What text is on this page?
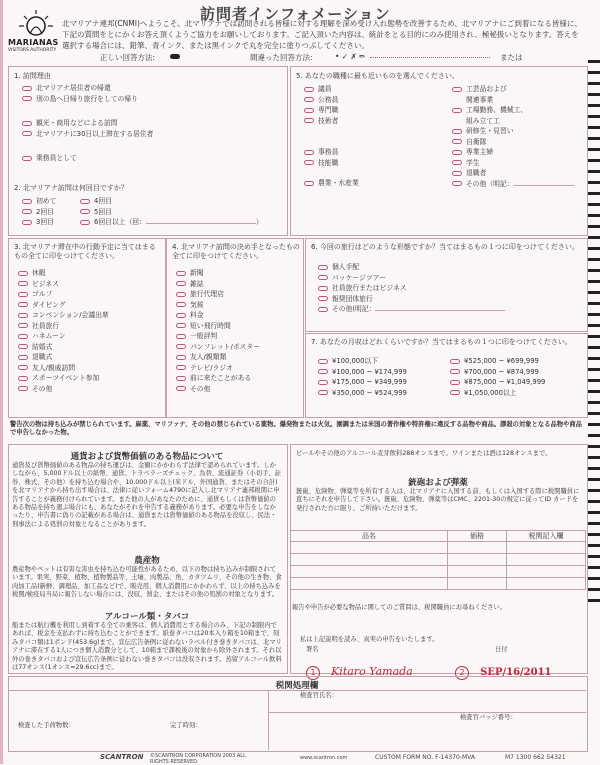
MARIANAS
VISITORS AUTHORITY
訪問者インフォメーション
北マリアナ連邦(CNMI)へようこそ。北マリアナでは訪問される皆様に対する理解を深め受け入れ態勢を改善するため、北マリアナにご到着になる皆様に、下記の質問をとにかくお答え頂くようご協力をお願いしております。ご記入頂いた内容は、統計をとる目的にのみ使用され、極秘扱いとなります。答えを選択する場合には、鉛筆、青インク、または黒インクで丸を完全に塗りつぶしてください。
正しい回答方法:	間違った回答方法:	• ✓ ✗ ✏	または
1. 訪問理由
北マリアナ居住者の帰還
別の島へ日帰り旅行をしての帰り
観光・商用などによる訪問
北マリアナに30日以上滞在する居住者
乗務員として
2. 北マリアナ訪問は何回目ですか？
初めて
2回目
3回目
4回目
5回目
6回目以上（回：	）
5. あなたの職種に最も近いものを選んでください。
議員
公務員
専門職
技術者
事務員
技能職
農業・水産業
工芸品および
関連事業
工場勤務、機械工、
組み立て工
研修生・見習い
自衛隊
専業主婦
学生
退職者
その他（明記：
3. 北マリアナ滞在中の行動予定に当てはまるもの全てに印をつけてください。
休暇
ビジネス
ゴルフ
ダイビング
コンベンション/会議出席
社員旅行
ハネムーン
結婚式
退職式
友人/親戚訪問
スポーツイベント参加
その他
4. 北マリアナ訪問の決め手となったもの全てに印をつけてください。
新聞
雑誌
旅行代理店
気候
料金
短い飛行時間
一般評判
パンフレット/ポスター
友人/親類類
テレビ/ラジオ
前に来たことがある
その他
6. 今回の旅行はどのような形態ですか？当てはまるもの１つに印をつけてください。
個人手配
パッケージツアー
社員旅行またはビジネス
報奨団体旅行
その他(明記：
7. あなたの月収はどれくらいですか？当てはまるもの１つに印をつけてください。
¥100,000以下
¥100,000 ~ ¥174,999
¥175,000 ~ ¥349,999
¥350,000 ~ ¥524,999
¥525,000 ~ ¥699,999
¥700,000 ~ ¥874,999
¥875,000 ~ ¥1,049,999
¥1,050,000以上
警告次の物は持ち込みが禁じられています。麻薬、マリファナ、その他の禁じられている薬物。爆発物または火気。園調または米国の著作権や特許権に違反する品物や商品。謬殺の対象となる品物や商品で申告しなかった物。
通貨および貨幣価値のある物品について
通貨及び貨幣価値のある物品の持ち運びは、金額にかかわらず法律で認められています。しかしながら、5,000ドル以上の紙幣、通貨、トラベラーズチェック、為替、流通証券（小切手、証券、株式、その他）を持ち込む場合や、10,000ドル以上(米ドル、外国通貨、またはその合計)を北マリアナから持ち出す場合は、法律に従いフォーム4790に記入し北マリアナ連邦税関に申告することが義務付けられています。また他の人があなたのために、通貨もしくは貨幣価値のある物品を持ち運ぶ場合にも、あなたがそれを申告する義務があります。必要な申告をしなかったり、申告書に偽りの記載がある場合は、通貨または貨幣価値のある物品を没収し、民法・刑事法による処罰の対象となることがあります。
農産物
農産物やペットは有害な害虫を持ち込む可能性があるため、以下の物は持ち込みが制限されています。果実、野菜、植物、植物製品等、土壌、肉製品、角、カタツムリ、その他の生き物、食肉加工品(新鮮、調理品、加工品など)で、販売用、個人消費用にかかわらず、以上の持ち込みを税関/検疫局当局に報告しない場合には、没収、罰金、またはその他の処罰の対象となります。
アルコール類・タバコ
船または航行機を利用し到着する全ての乗客は、個人消費用とする場合のみ、下記の制限内であれば、税金を支払わずに持ち込むことができます。紙巻タバコは20本入り箱を10箱まで、刻みタバコ類は1ポンド(453.6g)まで。宣伝広告条例に従わないラベル付き巻きタバコは、北マリアナに滞在する1人につき個人消費分として、10箱まで課税後の対象から除外されます。それ以外の巻きタバコおよび宣伝広告条例に従わない巻きタバコは没収されます。蒸留アルコール飲料は77オンス(1オンス=29.6cc)まで。
ビールやその他のアルコール麦芽飲料288オンスまで。ワインまたは酒は128オンスまで。
銃砲および弾薬
銃砲、危険物、弾薬等を所有する人は、北マリアナに入国する前、もしくは入国する際に税関職員に直ちにそれを申告して下さい。銃砲、危険物、弾薬等はCMC、2201-30の規定に従ってID カードを発行された方に限り、ご所持いただけます。
品名	価格	税関記入欄

報告や申告が必要な物品に関してのご質問は、税関職員にお尋ねください。
私は上記説明を読み、真実の申告をいたします。
署名	日付
1 Kitaro Yamada	2 SEP/16/2011
税関処理欄
検査官氏名：
検査した手荷物数：	完了時刻：
検査官バッジ番号：
SCANTRON ©SCANTRON CORPORATION 2003 ALL RIGHTS RESERVED.
www.scantron.com	CUSTOM FORM NO. F-14370-MVA	M7 1300 662 54321
